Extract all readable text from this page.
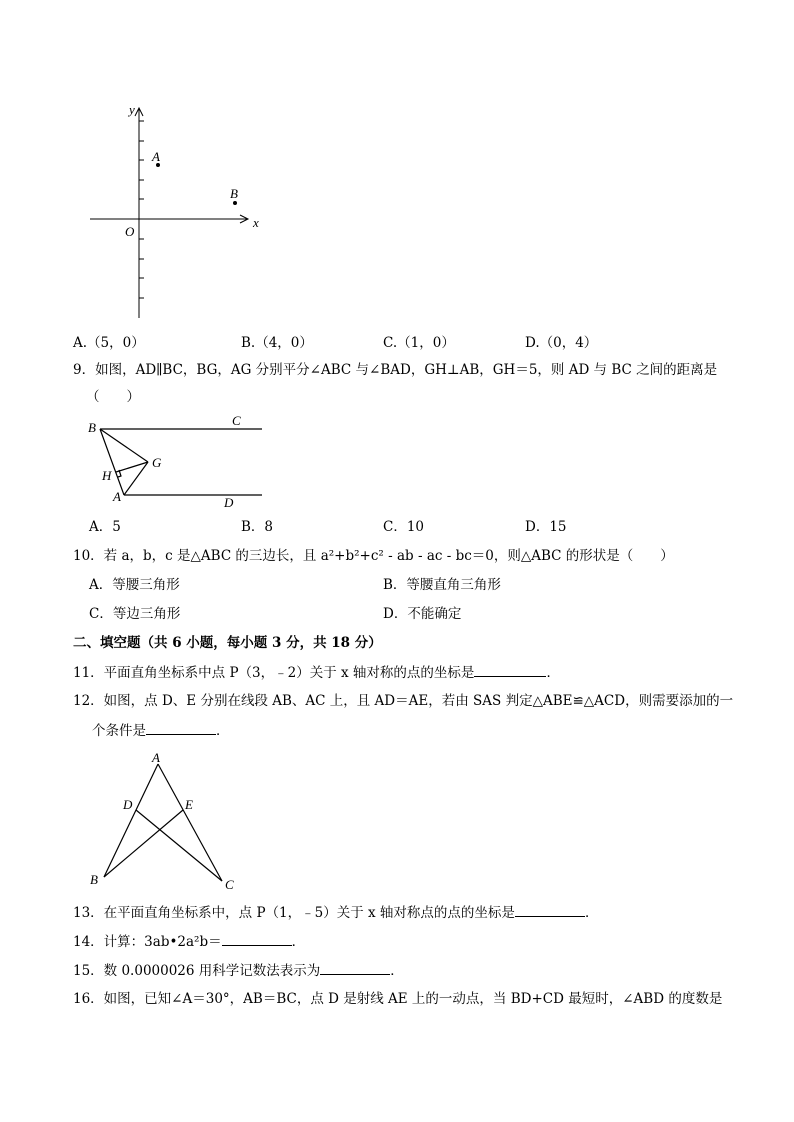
y
x
O
A
B
A.（5，0）	B.（4，0）	C.（1，0）	D.（0，4）
9．如图，AD∥BC，BG，AG 分别平分∠ABC 与∠BAD，GH⊥AB，GH＝5，则 AD 与 BC 之间的距离是
（　　）
B	C
G
H
A	D
A．5	B．8	C．10	D．15
10．若 a，b，c 是△ABC 的三边长，且 a²+b²+c² ‑ ab ‑ ac ‑ bc＝0，则△ABC 的形状是（　　）
A．等腰三角形	B．等腰直角三角形
C．等边三角形	D．不能确定
二、填空题（共 6 小题，每小题 3 分，共 18 分）
11．平面直角坐标系中点 P（3，﹣2）关于 x 轴对称的点的坐标是	．
12．如图，点 D、E 分别在线段 AB、AC 上，且 AD＝AE，若由 SAS 判定△ABE≌△ACD，则需要添加的一
个条件是	．
A
D	E
B	C
13．在平面直角坐标系中，点 P（1，﹣5）关于 x 轴对称点的点的坐标是	．
14．计算：3ab•2a²b＝	．
15．数 0.0000026 用科学记数法表示为	．
16．如图，已知∠A＝30°，AB＝BC，点 D 是射线 AE 上的一动点，当 BD+CD 最短时，∠ABD 的度数是
